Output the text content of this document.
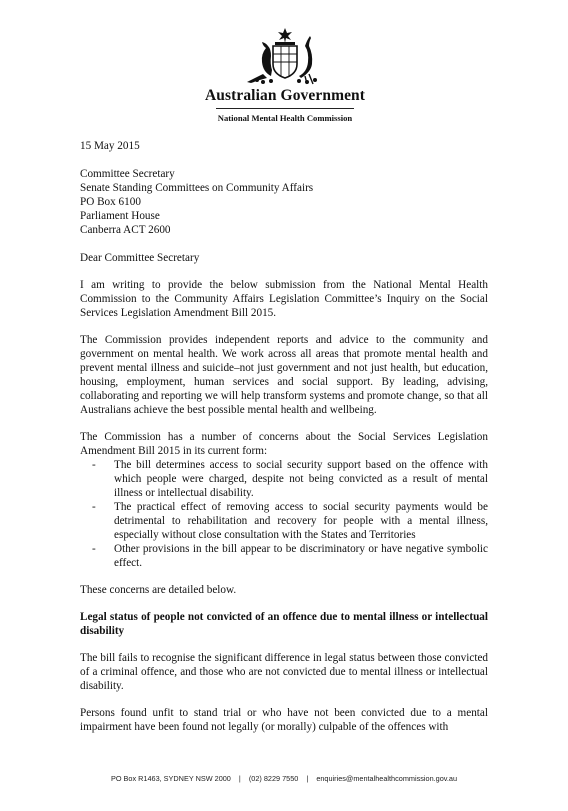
Australian Government
National Mental Health Commission

15 May 2015

Committee Secretary
Senate Standing Committees on Community Affairs
PO Box 6100
Parliament House
Canberra ACT 2600

Dear Committee Secretary

I am writing to provide the below submission from the National Mental Health Commission to the Community Affairs Legislation Committee’s Inquiry on the Social Services Legislation Amendment Bill 2015.

The Commission provides independent reports and advice to the community and government on mental health. We work across all areas that promote mental health and prevent mental illness and suicide–not just government and not just health, but education, housing, employment, human services and social support. By leading, advising, collaborating and reporting we will help transform systems and promote change, so that all Australians achieve the best possible mental health and wellbeing.

The Commission has a number of concerns about the Social Services Legislation Amendment Bill 2015 in its current form:

- The bill determines access to social security support based on the offence with which people were charged, despite not being convicted as a result of mental illness or intellectual disability.
- The practical effect of removing access to social security payments would be detrimental to rehabilitation and recovery for people with a mental illness, especially without close consultation with the States and Territories
- Other provisions in the bill appear to be discriminatory or have negative symbolic effect.

These concerns are detailed below.

Legal status of people not convicted of an offence due to mental illness or intellectual disability

The bill fails to recognise the significant difference in legal status between those convicted of a criminal offence, and those who are not convicted due to mental illness or intellectual disability.

Persons found unfit to stand trial or who have not been convicted due to a mental impairment have been found not legally (or morally) culpable of the offences with

PO Box R1463, SYDNEY NSW 2000 | (02) 8229 7550 | enquiries@mentalhealthcommission.gov.au
